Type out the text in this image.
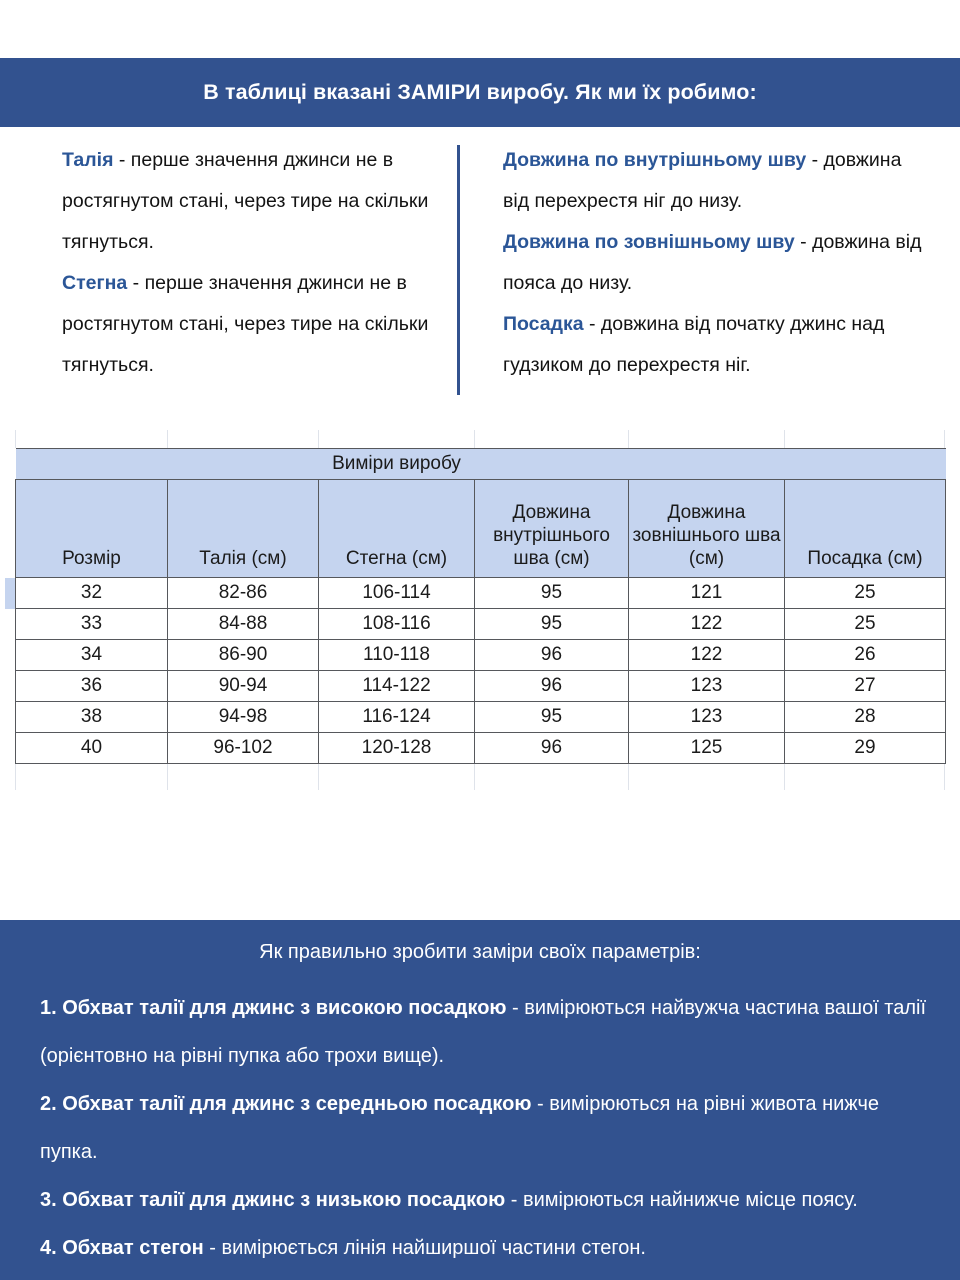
В таблиці вказані ЗАМІРИ виробу. Як ми їх робимо:

Талія - перше значення джинси не в ростягнутом стані, через тире на скільки тягнуться.

Стегна - перше значення джинси не в ростягнутом стані, через тире на скільки тягнуться.

Довжина по внутрішньому шву - довжина від перехрестя ніг до низу.

Довжина по зовнішньому шву - довжина від пояса до низу.

Посадка - довжина від початку джинс над гудзиком до перехрестя ніг.

		Виміри виробу			
Розмір	Талія (см)	Стегна (см)	Довжина внутрішнього шва (см)	Довжина зовнішнього шва (см)	Посадка (см)
32	82-86	106-114	95	121	25
33	84-88	108-116	95	122	25
34	86-90	110-118	96	122	26
36	90-94	114-122	96	123	27
38	94-98	116-124	95	123	28
40	96-102	120-128	96	125	29
Як правильно зробити заміри своїх параметрів:
1. Обхват талії для джинс з високою посадкою - вимірюються найвужча частина вашої талії (орієнтовно на рівні пупка або трохи вище).
2. Обхват талії для джинс з середньою посадкою - вимірюються на рівні живота нижче пупка.
3. Обхват талії для джинс з низькою посадкою - вимірюються найнижче місце поясу.
4. Обхват стегон - вимірюється лінія найширшої частини стегон.
